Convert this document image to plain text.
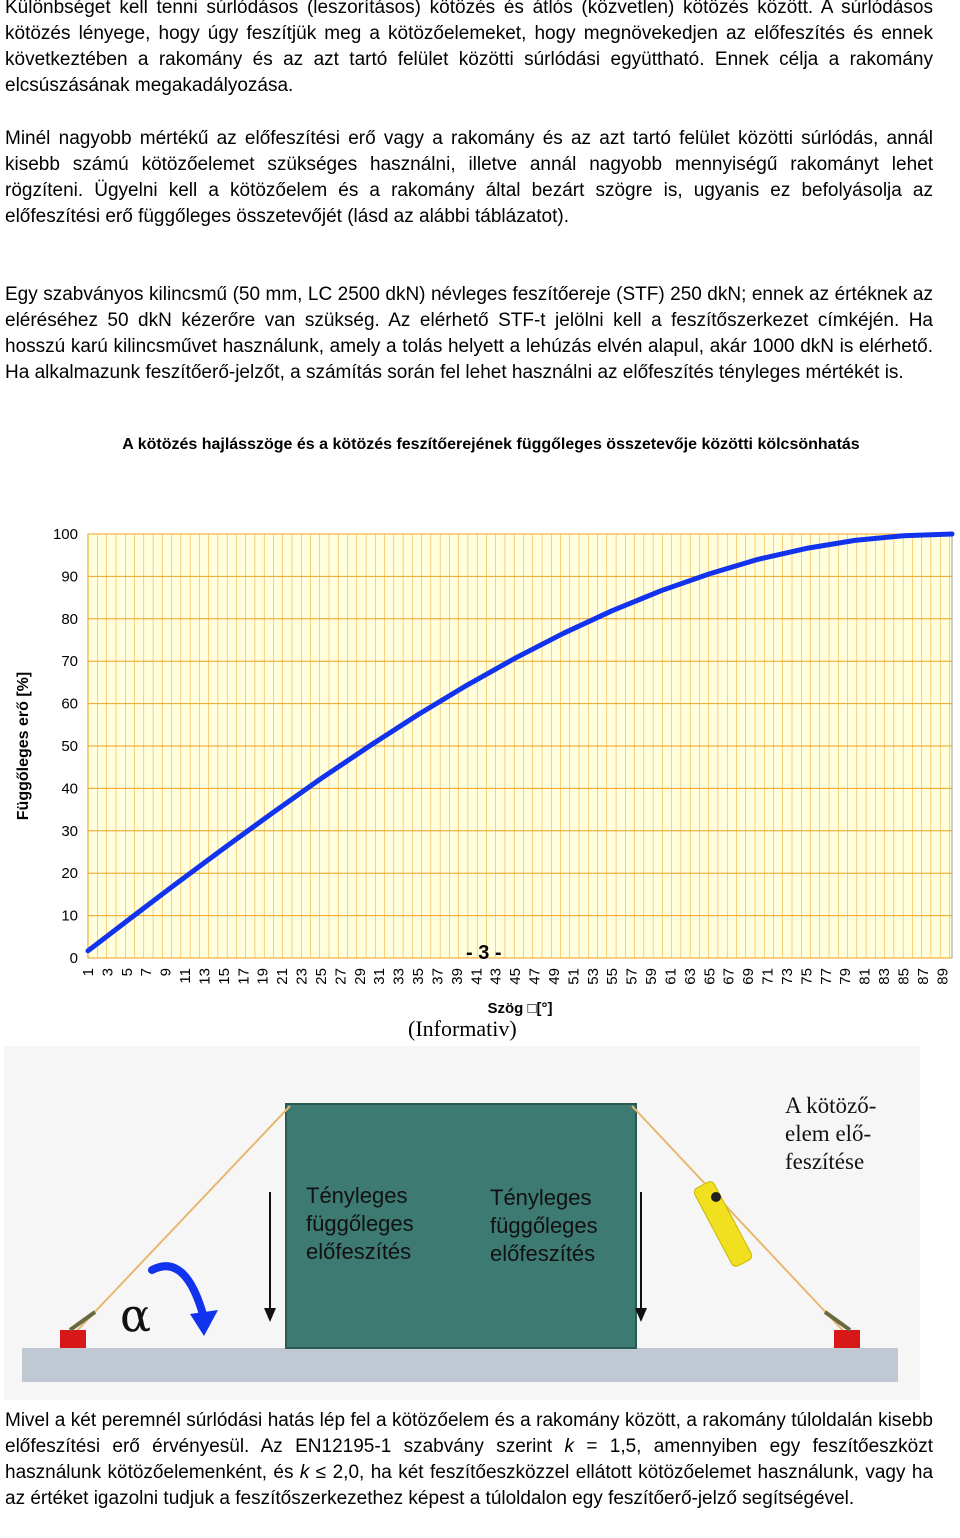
Különbséget kell tenni súrlódásos (leszorításos) kötözés és átlós (közvetlen) kötözés között. A súrlódásos kötözés lényege, hogy úgy feszítjük meg a kötözőelemeket, hogy megnövekedjen az előfeszítés és ennek következtében a rakomány és az azt tartó felület közötti súrlódási együttható. Ennek célja a rakomány elcsúszásának megakadályozása.

Minél nagyobb mértékű az előfeszítési erő vagy a rakomány és az azt tartó felület közötti súrlódás, annál kisebb számú kötözőelemet szükséges használni, illetve annál nagyobb mennyiségű rakományt lehet rögzíteni. Ügyelni kell a kötözőelem és a rakomány által bezárt szögre is, ugyanis ez befolyásolja az előfeszítési erő függőleges összetevőjét (lásd az alábbi táblázatot).

Egy szabványos kilincsmű (50 mm, LC 2500 dkN) névleges feszítőereje (STF) 250 dkN; ennek az értéknek az eléréséhez 50 dkN kézerőre van szükség. Az elérhető STF-t jelölni kell a feszítőszerkezet címkéjén. Ha hosszú karú kilincsművet használunk, amely a tolás helyett a lehúzás elvén alapul, akár 1000 dkN is elérhető. Ha alkalmazunk feszítőerő-jelzőt, a számítás során fel lehet használni az előfeszítés tényleges mértékét is.

A kötözés hajlásszöge és a kötözés feszítőerejének függőleges összetevője közötti kölcsönhatás

0
10
20
30
40
50
60
70
80
90
100
1 3 5 7 9 11 13 15 17 19 21 23 25 27 29 31 33 35 37 39 41 43 45 47 49 51 53 55 57 59 61 63 65 67 69 71 73 75 77 79 81 83 85 87 89
Függőleges erő [%]
Szög □[°]
- 3 -
(Informativ)
Tényleges
függőleges
előfeszítés
Tényleges
függőleges
előfeszítés
A kötöző-
elem elő-
feszítése
α

Mivel a két peremnél súrlódási hatás lép fel a kötözőelem és a rakomány között, a rakomány túloldalán kisebb előfeszítési erő érvényesül. Az EN12195-1 szabvány szerint k = 1,5, amennyiben egy feszítőeszközt használunk kötözőelemenként, és k ≤ 2,0, ha két feszítőeszközzel ellátott kötözőelemet használunk, vagy ha az értéket igazolni tudjuk a feszítőszerkezethez képest a túloldalon egy feszítőerő-jelző segítségével.
